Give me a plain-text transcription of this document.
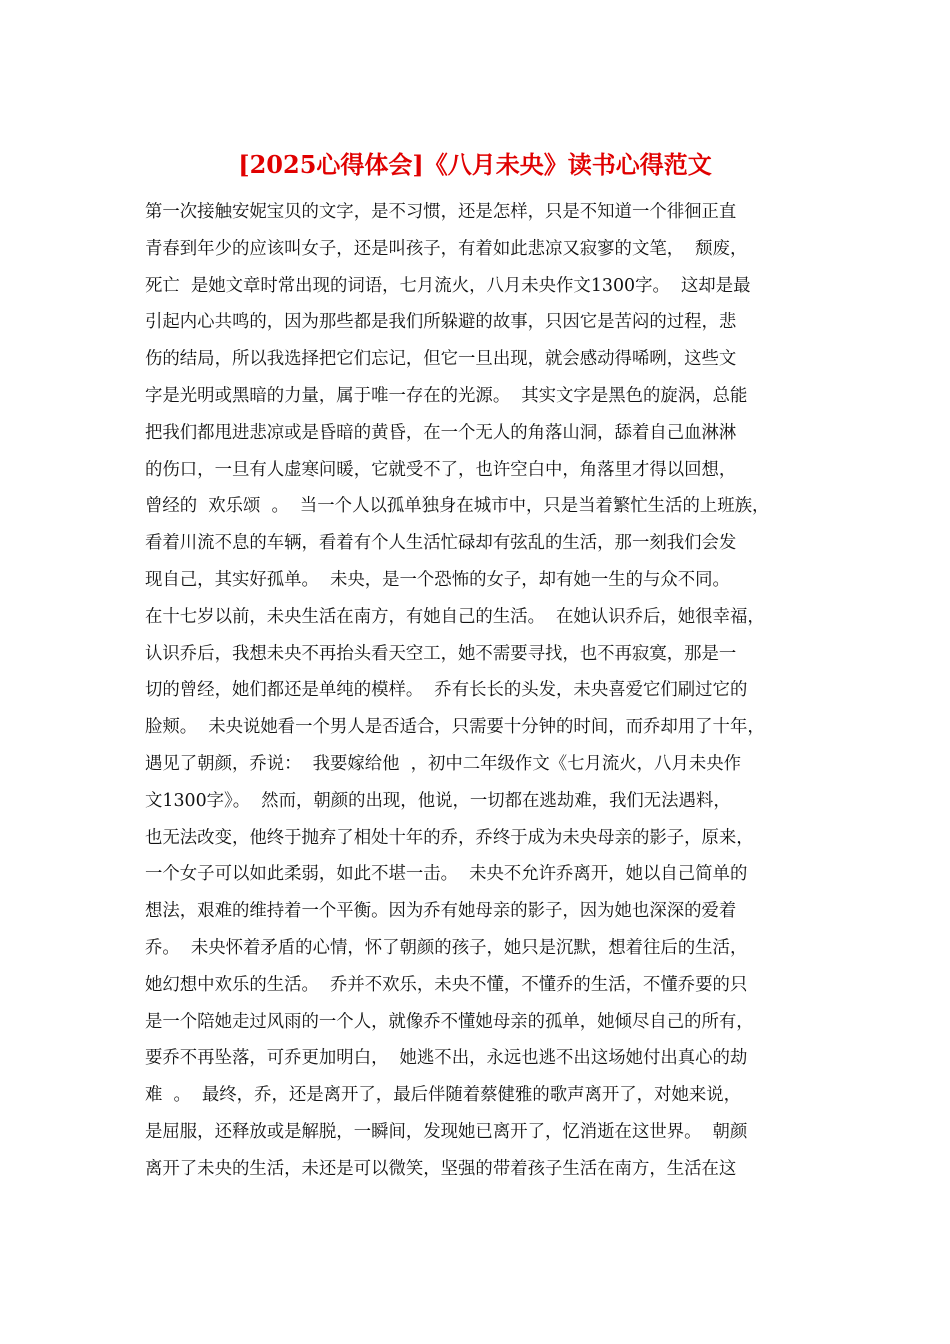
[2025心得体会]《八月未央》读书心得范文
第一次接触安妮宝贝的文字，是不习惯，还是怎样，只是不知道一个徘徊正直
青春到年少的应该叫女子，还是叫孩子，有着如此悲凉又寂寥的文笔，  颓废，
死亡  是她文章时常出现的词语，七月流火，八月未央作文1300字。  这却是最
引起内心共鸣的，因为那些都是我们所躲避的故事，只因它是苦闷的过程，悲
伤的结局，所以我选择把它们忘记，但它一旦出现，就会感动得唏咧，这些文
字是光明或黑暗的力量，属于唯一存在的光源。  其实文字是黑色的旋涡，总能
把我们都甩进悲凉或是昏暗的黄昏，在一个无人的角落山洞，舔着自己血淋淋
的伤口，一旦有人虚寒问暖，它就受不了，也许空白中，角落里才得以回想，
曾经的  欢乐颂  。  当一个人以孤单独身在城市中，只是当着繁忙生活的上班族，
看着川流不息的车辆，看着有个人生活忙碌却有弦乱的生活，那一刻我们会发
现自己，其实好孤单。  未央，是一个恐怖的女子，却有她一生的与众不同。
在十七岁以前，未央生活在南方，有她自己的生活。  在她认识乔后，她很幸福，
认识乔后，我想未央不再抬头看天空工，她不需要寻找，也不再寂寞，那是一
切的曾经，她们都还是单纯的模样。  乔有长长的头发，未央喜爱它们刷过它的
脸颊。  未央说她看一个男人是否适合，只需要十分钟的时间，而乔却用了十年，
遇见了朝颜，乔说：  我要嫁给他  ，初中二年级作文《七月流火，八月未央作
文1300字》。  然而，朝颜的出现，他说，一切都在逃劫难，我们无法遇料，
也无法改变，他终于抛弃了相处十年的乔，乔终于成为未央母亲的影子，原来，
一个女子可以如此柔弱，如此不堪一击。  未央不允许乔离开，她以自己简单的
想法，艰难的维持着一个平衡。因为乔有她母亲的影子，因为她也深深的爱着
乔。  未央怀着矛盾的心情，怀了朝颜的孩子，她只是沉默，想着往后的生活，
她幻想中欢乐的生活。  乔并不欢乐，未央不懂，不懂乔的生活，不懂乔要的只
是一个陪她走过风雨的一个人，就像乔不懂她母亲的孤单，她倾尽自己的所有，
要乔不再坠落，可乔更加明白，  她逃不出，永远也逃不出这场她付出真心的劫
难  。  最终，乔，还是离开了，最后伴随着蔡健雅的歌声离开了，对她来说，
是屈服，还释放或是解脱，一瞬间，发现她已离开了，忆消逝在这世界。  朝颜
离开了未央的生活，未还是可以微笑，坚强的带着孩子生活在南方，生活在这
